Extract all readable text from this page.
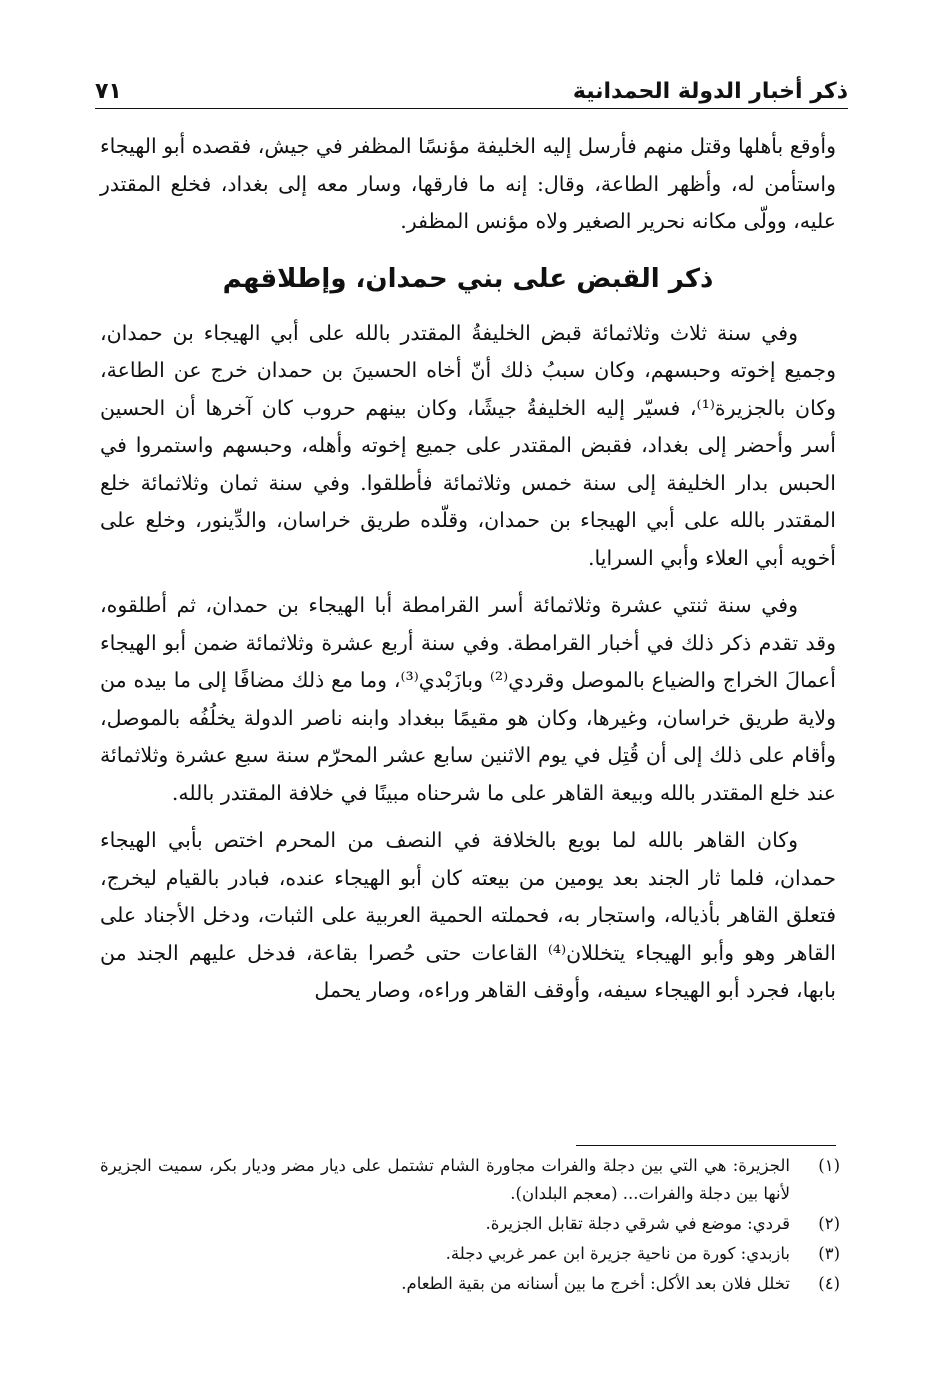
ذكر أخبار الدولة الحمدانية
٧١

وأوقع بأهلها وقتل منهم فأرسل إليه الخليفة مؤنسًا المظفر في جيش، فقصده أبو الهيجاء واستأمن له، وأظهر الطاعة، وقال: إنه ما فارقها، وسار معه إلى بغداد، فخلع المقتدر عليه، وولّى مكانه نحرير الصغير ولاه مؤنس المظفر.

ذكر القبض على بني حمدان، وإطلاقهم

وفي سنة ثلاث وثلاثمائة قبض الخليفةُ المقتدر بالله على أبي الهيجاء بن حمدان، وجميع إخوته وحبسهم، وكان سببُ ذلك أنّ أخاه الحسينَ بن حمدان خرج عن الطاعة، وكان بالجزيرة⁽¹⁾، فسيّر إليه الخليفةُ جيشًا، وكان بينهم حروب كان آخرها أن الحسين أسر وأحضر إلى بغداد، فقبض المقتدر على جميع إخوته وأهله، وحبسهم واستمروا في الحبس بدار الخليفة إلى سنة خمس وثلاثمائة فأطلقوا. وفي سنة ثمان وثلاثمائة خلع المقتدر بالله على أبي الهيجاء بن حمدان، وقلّده طريق خراسان، والدِّينور، وخلع على أخويه أبي العلاء وأبي السرايا.

وفي سنة ثنتي عشرة وثلاثمائة أسر القرامطة أبا الهيجاء بن حمدان، ثم أطلقوه، وقد تقدم ذكر ذلك في أخبار القرامطة. وفي سنة أربع عشرة وثلاثمائة ضمن أبو الهيجاء أعمالَ الخراج والضياع بالموصل وقردي⁽²⁾ وبازَبْدي⁽³⁾، وما مع ذلك مضافًا إلى ما بيده من ولاية طريق خراسان، وغيرها، وكان هو مقيمًا ببغداد وابنه ناصر الدولة يخلُفُه بالموصل، وأقام على ذلك إلى أن قُتِل في يوم الاثنين سابع عشر المحرّم سنة سبع عشرة وثلاثمائة عند خلع المقتدر بالله وبيعة القاهر على ما شرحناه مبينًا في خلافة المقتدر بالله.

وكان القاهر بالله لما بويع بالخلافة في النصف من المحرم اختص بأبي الهيجاء حمدان، فلما ثار الجند بعد يومين من بيعته كان أبو الهيجاء عنده، فبادر بالقيام ليخرج، فتعلق القاهر بأذياله، واستجار به، فحملته الحمية العربية على الثبات، ودخل الأجناد على القاهر وهو وأبو الهيجاء يتخللان⁽⁴⁾ القاعات حتى حُصرا بقاعة، فدخل عليهم الجند من بابها، فجرد أبو الهيجاء سيفه، وأوقف القاهر وراءه، وصار يحمل

(١)
الجزيرة: هي التي بين دجلة والفرات مجاورة الشام تشتمل على ديار مضر وديار بكر، سميت الجزيرة لأنها بين دجلة والفرات... (معجم البلدان).
(٢)
قردي: موضع في شرقي دجلة تقابل الجزيرة.
(٣)
بازبدي: كورة من ناحية جزيرة ابن عمر غربي دجلة.
(٤)
تخلل فلان بعد الأكل: أخرج ما بين أسنانه من بقية الطعام.
